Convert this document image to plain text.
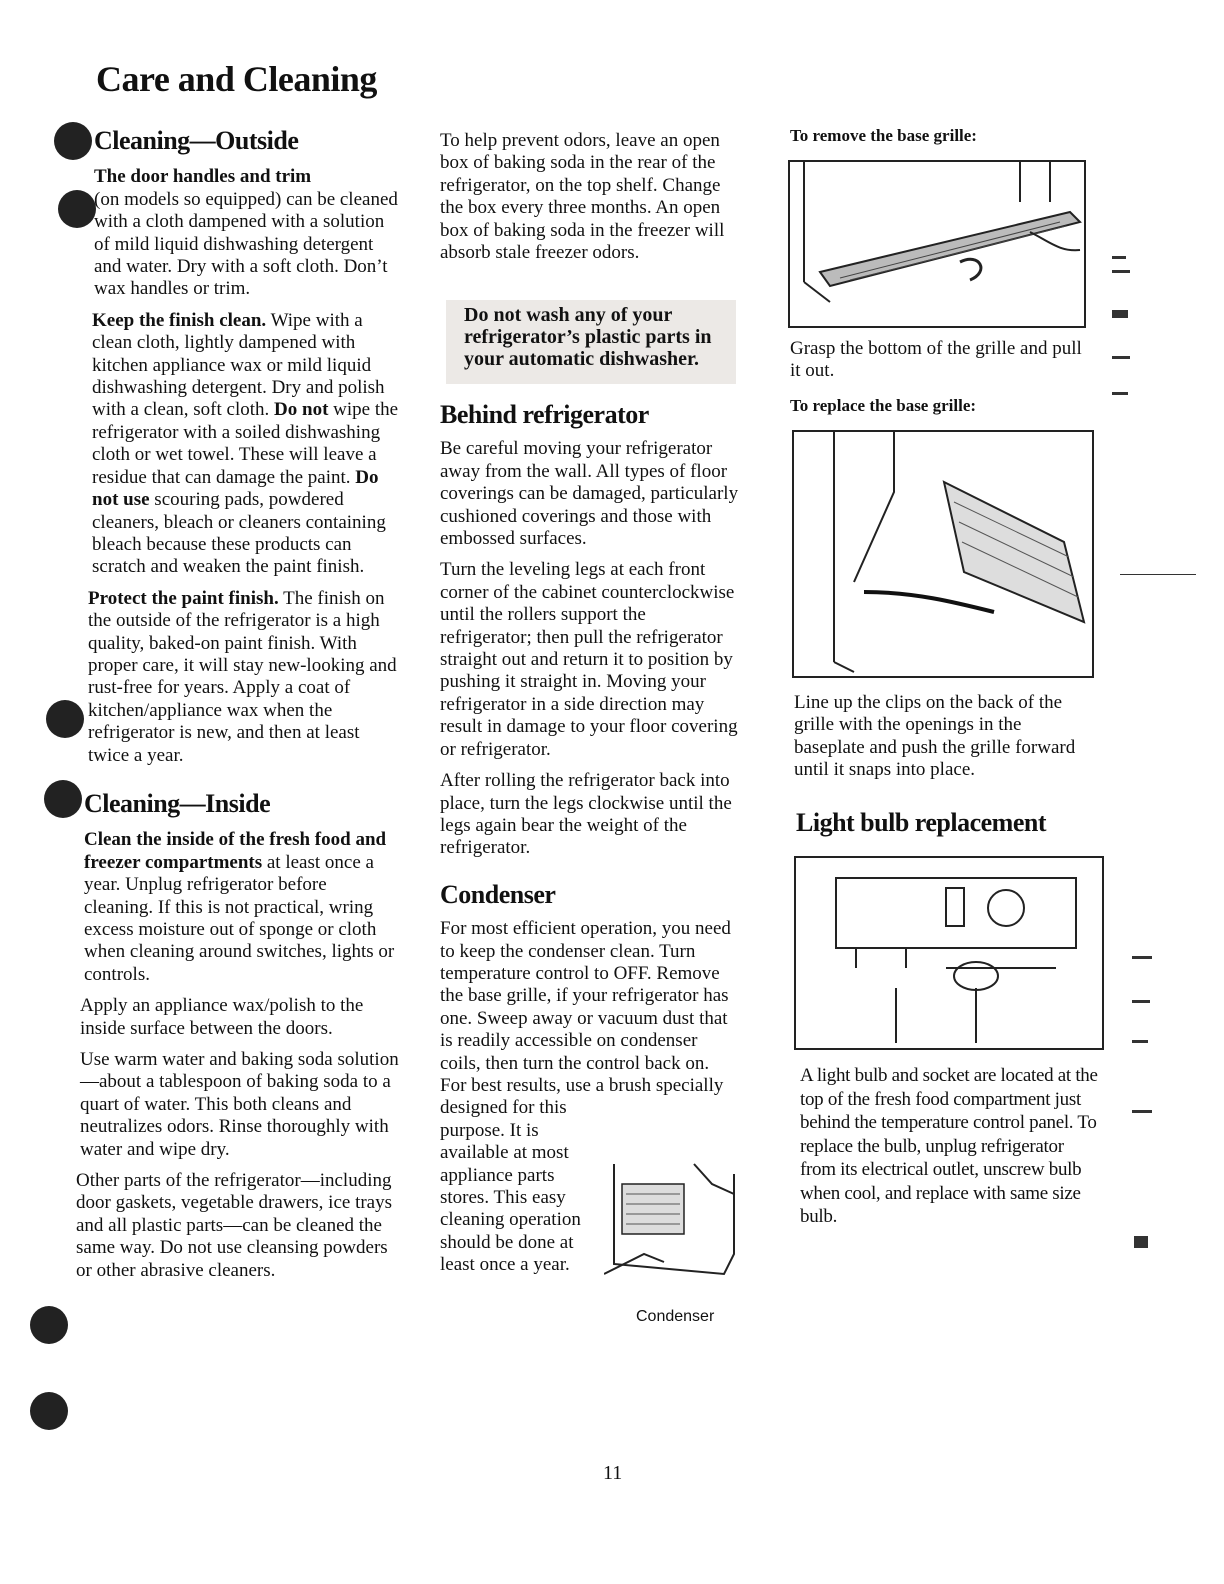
Care and Cleaning
Cleaning—Outside

The door handles and trim
(on models so equipped) can be cleaned with a cloth dampened with a solution of mild liquid dishwashing detergent and water. Dry with a soft cloth. Don’t wax handles or trim.

Keep the finish clean. Wipe with a clean cloth, lightly dampened with kitchen appliance wax or mild liquid dishwashing detergent. Dry and polish with a clean, soft cloth. Do not wipe the refrigerator with a soiled dishwashing cloth or wet towel. These will leave a residue that can damage the paint. Do not use scouring pads, powdered cleaners, bleach or cleaners containing bleach because these products can scratch and weaken the paint finish.

Protect the paint finish. The finish on the outside of the refrigerator is a high quality, baked-on paint finish. With proper care, it will stay new-looking and rust-free for years. Apply a coat of kitchen/appliance wax when the refrigerator is new, and then at least twice a year.

Cleaning—Inside

Clean the inside of the fresh food and freezer compartments at least once a year. Unplug refrigerator before cleaning. If this is not practical, wring excess moisture out of sponge or cloth when cleaning around switches, lights or controls.

Apply an appliance wax/polish to the inside surface between the doors.

Use warm water and baking soda solution—about a tablespoon of baking soda to a quart of water. This both cleans and neutralizes odors. Rinse thoroughly with water and wipe dry.

Other parts of the refrigerator—including door gaskets, vegetable drawers, ice trays and all plastic parts—can be cleaned the same way. Do not use cleansing powders or other abrasive cleaners.

To help prevent odors, leave an open box of baking soda in the rear of the refrigerator, on the top shelf. Change the box every three months. An open box of baking soda in the freezer will absorb stale freezer odors.

Do not wash any of your refrigerator’s plastic parts in your automatic dishwasher.
Behind refrigerator

Be careful moving your refrigerator away from the wall. All types of floor coverings can be damaged, particularly cushioned coverings and those with embossed surfaces.

Turn the leveling legs at each front corner of the cabinet counterclockwise until the rollers support the refrigerator; then pull the refrigerator straight out and return it to position by pushing it straight in. Moving your refrigerator in a side direction may result in damage to your floor covering or refrigerator.

After rolling the refrigerator back into place, turn the legs clockwise until the legs again bear the weight of the refrigerator.

Condenser

For most efficient operation, you need to keep the condenser clean. Turn temperature control to OFF. Remove the base grille, if your refrigerator has one. Sweep away or vacuum dust that is readily accessible on condenser coils, then turn the control back on. For best results, use a brush specially

designed for this purpose. It is available at most appliance parts stores. This easy cleaning operation should be done at least once a year.

Condenser
To remove the base grille:
Grasp the bottom of the grille and pull it out.
To replace the base grille:
Line up the clips on the back of the grille with the openings in the baseplate and push the grille forward until it snaps into place.
Light bulb replacement
A light bulb and socket are located at the top of the fresh food compartment just behind the temperature control panel. To replace the bulb, unplug refrigerator from its electrical outlet, unscrew bulb when cool, and replace with same size bulb.
11
